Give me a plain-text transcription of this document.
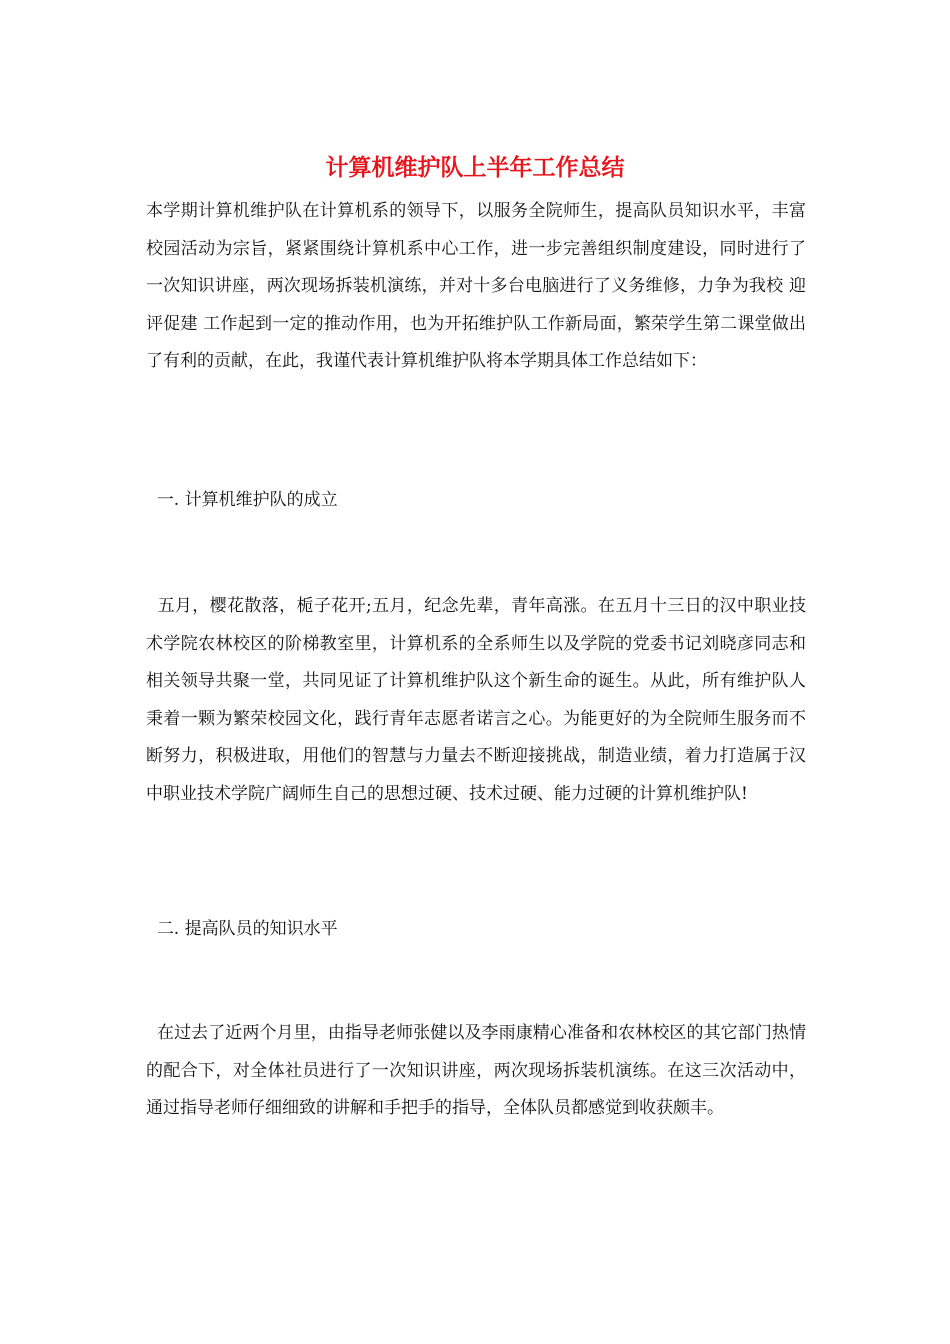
计算机维护队上半年工作总结

本学期计算机维护队在计算机系的领导下，以服务全院师生，提高队员知识水平，丰富校园活动为宗旨，紧紧围绕计算机系中心工作，进一步完善组织制度建设，同时进行了一次知识讲座，两次现场拆装机演练，并对十多台电脑进行了义务维修，力争为我校 迎评促建 工作起到一定的推动作用，也为开拓维护队工作新局面，繁荣学生第二课堂做出了有利的贡献，在此，我谨代表计算机维护队将本学期具体工作总结如下：

一. 计算机维护队的成立

五月，樱花散落，栀子花开;五月，纪念先辈，青年高涨。在五月十三日的汉中职业技术学院农林校区的阶梯教室里，计算机系的全系师生以及学院的党委书记刘晓彦同志和相关领导共聚一堂，共同见证了计算机维护队这个新生命的诞生。从此，所有维护队人秉着一颗为繁荣校园文化，践行青年志愿者诺言之心。为能更好的为全院师生服务而不断努力，积极进取，用他们的智慧与力量去不断迎接挑战，制造业绩，着力打造属于汉中职业技术学院广阔师生自己的思想过硬、技术过硬、能力过硬的计算机维护队!

二. 提高队员的知识水平

在过去了近两个月里，由指导老师张健以及李雨康精心准备和农林校区的其它部门热情的配合下，对全体社员进行了一次知识讲座，两次现场拆装机演练。在这三次活动中，通过指导老师仔细细致的讲解和手把手的指导，全体队员都感觉到收获颇丰。
